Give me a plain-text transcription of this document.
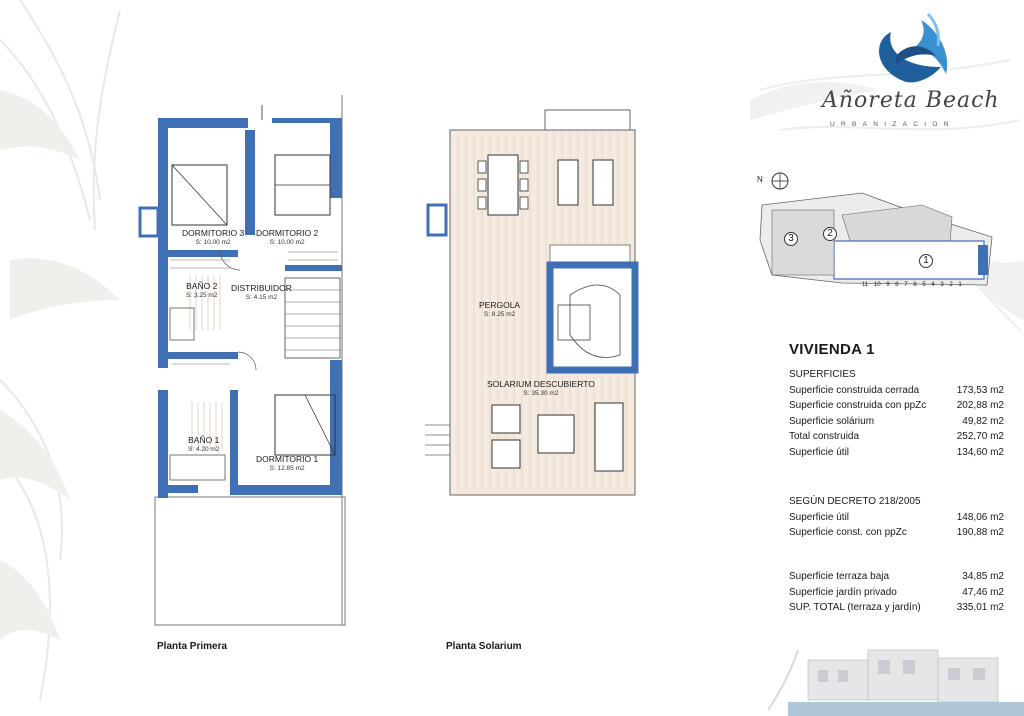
Añoreta Beach
URBANIZACION
DORMITORIO 3
S: 10.00 m2
DORMITORIO 2
S: 10.00 m2
DISTRIBUIDOR
S: 4.15 m2
BAÑO 2
S: 3.25 m2
BAÑO 1
S: 4.20 m2
DORMITORIO 1
S: 12.85 m2
Planta Primera
PERGOLA
S: 8.25 m2
SOLARIUM DESCUBIERTO
S: 35.30 m2
Planta Solarium
N
3	2
1
11 10 9 8 7 6 5 4 3 2 1
VIVIENDA 1
SUPERFICIES
Superficie construida cerrada	173,53 m2
Superficie construida con ppZc	202,88 m2
Superficie solárium	49,82 m2
Total construida	252,70 m2
Superficie útil	134,60 m2
SEGÚN DECRETO 218/2005
Superficie útil	148,06 m2
Superficie const. con ppZc	190,88 m2
Superficie terraza baja	34,85 m2
Superficie jardín privado	47,46 m2
SUP. TOTAL (terraza y jardín)	335,01 m2
